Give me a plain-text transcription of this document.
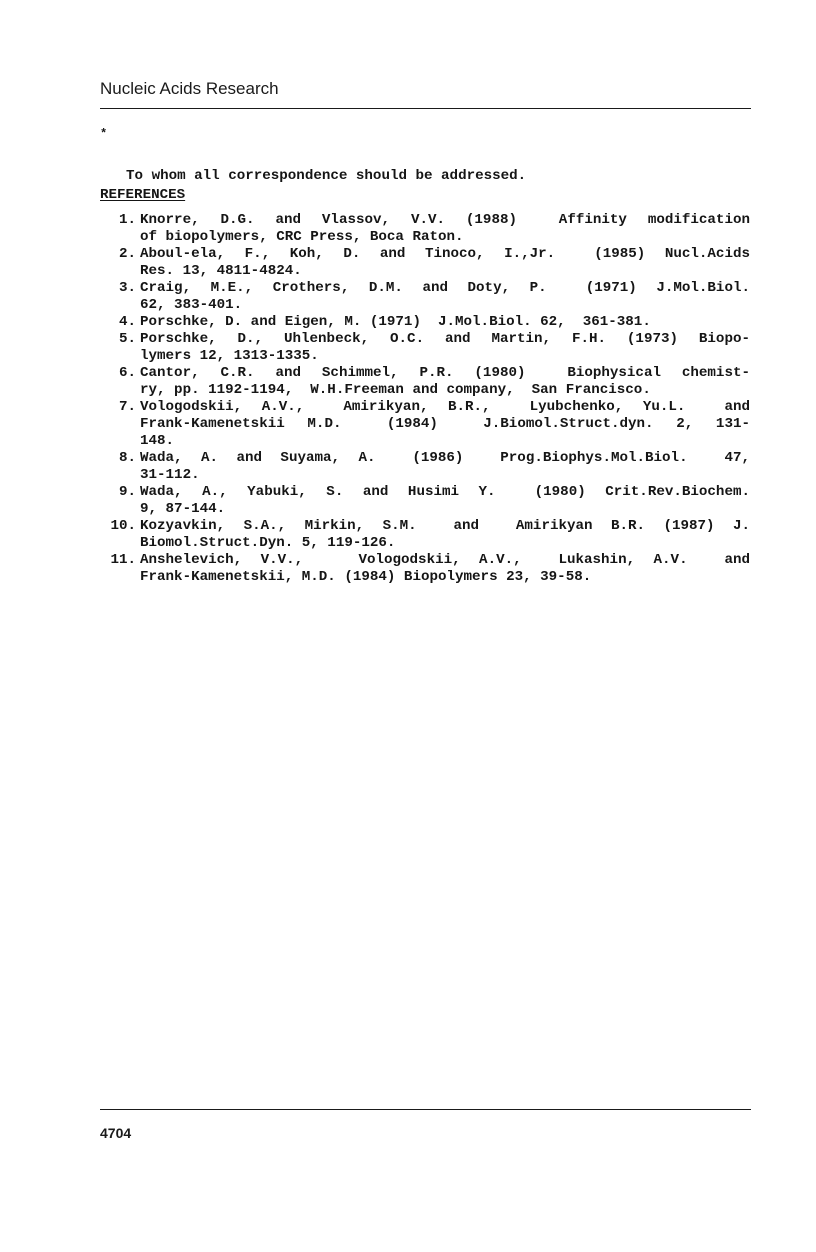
Nucleic Acids Research

*

To whom all correspondence should be addressed.

REFERENCES
1. Knorre, D.G. and Vlassov, V.V. (1988)  Affinity modification
of biopolymers, CRC Press, Boca Raton.
2. Aboul-ela, F., Koh, D. and Tinoco, I.,Jr.  (1985) Nucl.Acids
Res. 13, 4811-4824.
3. Craig, M.E., Crothers, D.M. and Doty, P.  (1971) J.Mol.Biol.
62, 383-401.
4. Porschke, D. and Eigen, M. (1971)  J.Mol.Biol. 62,  361-381.
5. Porschke, D., Uhlenbeck, O.C. and Martin, F.H. (1973) Biopo-
lymers 12, 1313-1335.
6. Cantor, C.R. and Schimmel, P.R. (1980)  Biophysical chemist-
ry, pp. 1192-1194,  W.H.Freeman and company,  San Francisco.
7. Vologodskii, A.V.,  Amirikyan, B.R.,  Lyubchenko, Yu.L.  and
Frank-Kamenetskii M.D.  (1984)  J.Biomol.Struct.dyn. 2, 131-
148.
8. Wada, A. and Suyama, A.  (1986)  Prog.Biophys.Mol.Biol.  47,
31-112.
9. Wada, A., Yabuki, S. and Husimi Y.  (1980) Crit.Rev.Biochem.
9, 87-144.
10. Kozyavkin, S.A., Mirkin, S.M.  and  Amirikyan B.R. (1987) J.
Biomol.Struct.Dyn. 5, 119-126.
11. Anshelevich, V.V.,   Vologodskii, A.V.,  Lukashin, A.V.  and
Frank-Kamenetskii, M.D. (1984) Biopolymers 23, 39-58.
4704
